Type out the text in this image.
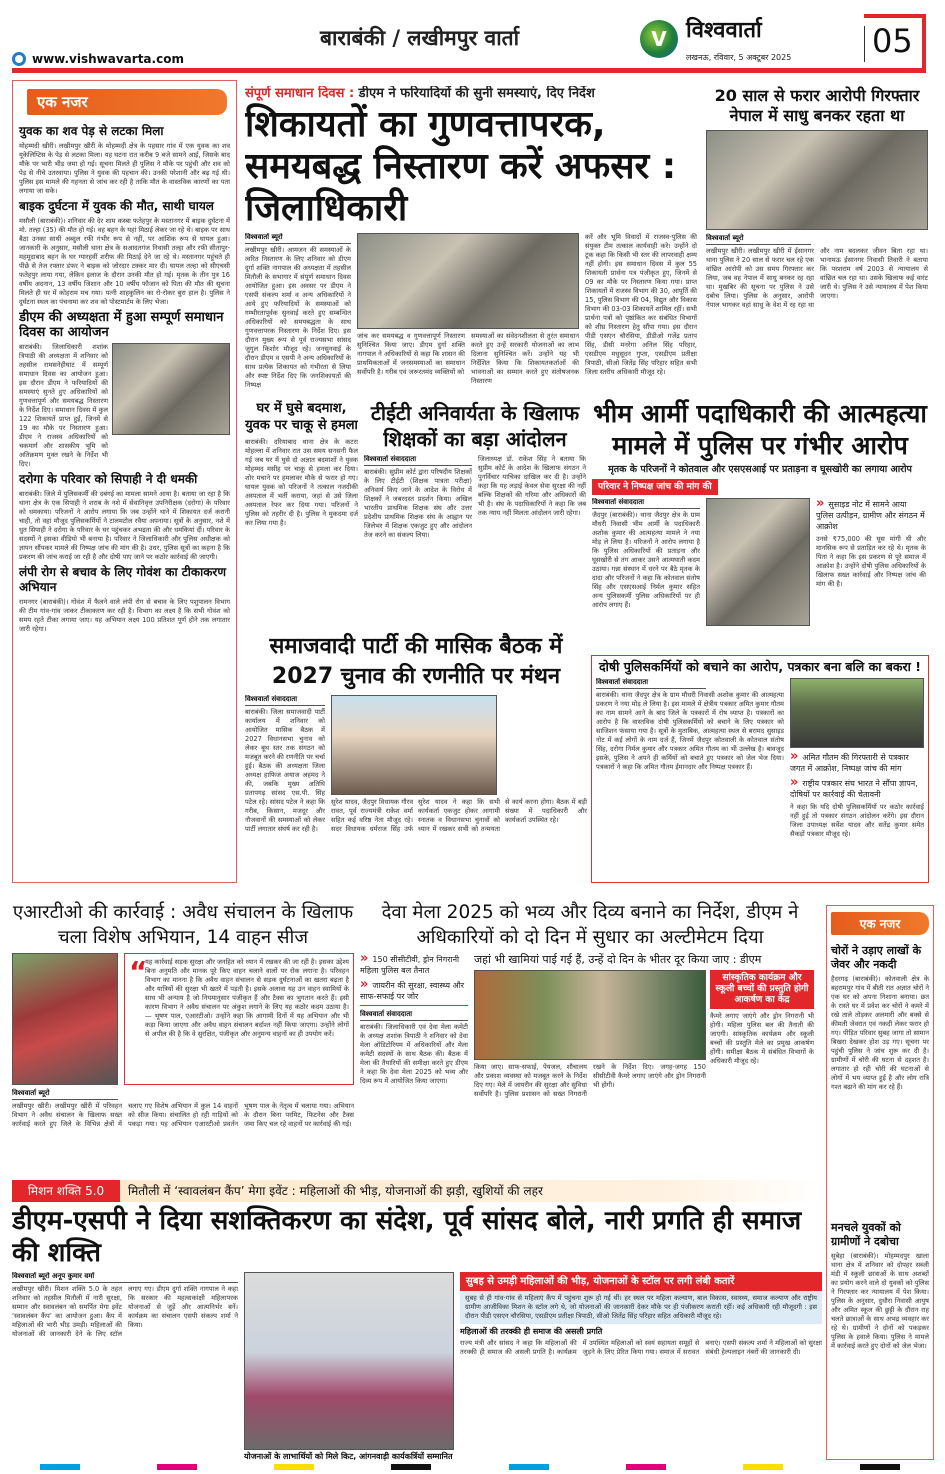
www.vishwavarta.com
बाराबंकी / लखीमपुर वार्ता	V विश्ववार्ता
लखनऊ, रविवार, 5 अक्टूबर 2025	05
एक नजर
युवक का शव पेड़ से लटका मिला
मोहम्मदी खीरी। लखीमपुर खीरी के मोहम्मदी क्षेत्र के पहसार गांव में एक युवक का शव यूकेलिप्टिस के पेड़ से लटका मिला। यह घटना रात करीब 9 बजे सामने आई, जिसके बाद मौके पर भारी भीड़ जमा हो गई। सूचना मिलते ही पुलिस ने मौके पर पहुंची और शव को पेड़ से नीचे उतरवाया। पुलिस ने युवक की पहचान की। उनकी परेशानी और बढ़ गई थी। पुलिस इस मामले की गहनता से जांच कर रही है ताकि मौत के वास्तविक कारणों का पता लगाया जा सके।
बाइक दुर्घटना में युवक की मौत, साथी घायल
मसौली (बाराबंकी)। शनिवार की देर शाम कस्बा फतेहपुर के मस्तानगर में बाइक दुर्घटना में मो. तल्हा (35) की मौत हो गई। वह बहन के यहां मिठाई लेकर जा रहे थे। बाइक पर साथ बैठा उनका साथी अब्दुल रफी गंभीर रूप से नहीं, पर आंशिक रूप से घायल हुआ। जानकारी के अनुसार, मसौली थाना क्षेत्र के सआदतगंज निवासी तल्हा और रफी सीतापुर-महमूदाबाद बहन के घर ग्यारहवीं शरीफ की मिठाई देने जा रहे थे। मस्तानगर पहुंचते ही पीछे से तेज रफ्तार डंफर ने बाइक को जोरदार टक्कर मार दी। घायल तल्हा को सीएचसी फतेहपुर लाया गया, लेकिन इलाज के दौरान उनकी मौत हो गई। मृतक के तीन पुत्र 16 वर्षीय अदनान, 13 वर्षीय जिशान और 10 वर्षीय फौजान को पिता की मौत की सूचना मिलते ही घर में कोहराम मच गया। पत्नी शाहकुलिन का रो-रोकर बुरा हाल है। पुलिस ने दुर्घटना स्थल का पंचनामा कर शव को पोस्टमार्टम के लिए भेजा।
डीएम की अध्यक्षता में हुआ सम्पूर्ण समाधान दिवस का आयोजन
बाराबंकी। जिलाधिकारी शशांक त्रिपाठी की अध्यक्षता में शनिवार को तहसील रामसनेहीघाट में सम्पूर्ण समाधान दिवस का आयोजन हुआ। इस दौरान डीएम ने फरियादियों की समस्याएं सुनते हुए अधिकारियों को गुणवत्तापूर्ण और समयबद्ध निस्तारण के निर्देश दिए। समाधान दिवस में कुल 122 शिकायतें प्राप्त हुईं, जिनमें से 19 का मौके पर निस्तारण हुआ। डीएम ने राजस्व अधिकारियों को चकमार्ग और शासकीय भूमि को अतिक्रमण मुक्त रखने के निर्देश भी दिए।
दरोगा के परिवार को सिपाही ने दी धमकी
बाराबंकी। जिले में पुलिसकर्मी की दबंगई का मामला सामने आया है। बताया जा रहा है कि थाना क्षेत्र के एक सिपाही ने शराब के नशे में सेवानिवृत्त उपनिरीक्षक (दरोगा) के परिवार को धमकाया। परिजनों ने आरोप लगाया कि जब उन्होंने थाने में शिकायत दर्ज करानी चाही, तो वहां मौजूद पुलिसकर्मियों ने टालमटोल रवैया अपनाया। सूत्रों के अनुसार, नशे में धुत सिपाही ने दरोगा के परिवार के घर पहुंचकर अभद्रता की और धमकियां दीं। परिवार के सदस्यों ने इसका वीडियो भी बनाया है। परिवार ने जिलाधिकारी और पुलिस अधीक्षक को ज्ञापन सौंपकर मामले की निष्पक्ष जांच की मांग की है। उधर, पुलिस सूत्रों का कहना है कि प्रकरण की जांच कराई जा रही है और दोषी पाए जाने पर कठोर कार्रवाई की जाएगी।
लंपी रोग से बचाव के लिए गोवंश का टीकाकरण अभियान
रामनगर (बाराबंकी)। गोवंश में फैलने वाले लंपी रोग से बचाव के लिए पशुपालन विभाग की टीम गांव-गांव जाकर टीकाकरण कर रही है। विभाग का लक्ष्य है कि सभी गोवंश को समय रहते टीका लगाया जाए। यह अभियान लक्ष्य 100 प्रतिशत पूर्ण होने तक लगातार जारी रहेगा।
संपूर्ण समाधान दिवस : डीएम ने फरियादियों की सुनी समस्याएं, दिए निर्देश
शिकायतों का गुणवत्तापरक, समयबद्ध निस्तारण करें अफसर : जिलाधिकारी
विश्ववार्ता ब्यूरो
लखीमपुर खीरी। आमजन की समस्याओं के त्वरित निस्तारण के लिए शनिवार को डीएम दुर्गा शक्ति नागपाल की अध्यक्षता में तहसील मितौली के सभागार में संपूर्ण समाधान दिवस आयोजित हुआ। इस अवसर पर डीएम ने एसपी संकल्प शर्मा व अन्य अधिकारियों ने आये हुए फरियादियों के समस्याओं को गम्भीरतापूर्वक सुनवाई करते हुए सम्बन्धित अधिकारियों को समयबद्धता के साथ गुणवत्तापरक निस्तारण के निर्देश दिए। इस दौरान मुख्य रूप से पूर्व राज्यसभा सांसद जुगुल किशोर मौजूद रहे। जनसुनवाई के दौरान डीएम व एसपी ने अन्य अधिकारियों के साथ प्रत्येक शिकायत को गंभीरता से लिया और स्पष्ट निर्देश दिए कि जनशिकायतों की निष्पक्ष
जांच कर समयबद्ध व गुणवत्तापूर्ण निस्तारण सुनिश्चित किया जाए। डीएम दुर्गा शक्ति नागपाल ने अधिकारियों से कहा कि शासन की प्राथमिकताओं में जनसमस्याओं का समाधान सर्वोपरि है। गरीब एवं जरूरतमंद व्यक्तियों को
समस्याओं का संवेदनशीलता से तुरंत समाधान करते हुए उन्हें सरकारी योजनाओं का लाभ दिलाना सुनिश्चित करें। उन्होंने यह भी निर्देशित किया कि शिकायतकर्ताओं की भावनाओं का सम्मान करते हुए संतोषजनक निस्तारण
करें और भूमि विवादों में राजस्व-पुलिस की संयुक्त टीम तत्काल कार्यवाही करे। उन्होंने दो टूक कहा कि किसी भी स्तर की लापरवाही क्षम्य नहीं होगी। इस समाधान दिवस में कुल 55 शिकायती प्रार्थना पत्र पंजीकृत हुए, जिनमें से 09 का मौके पर निस्तारण किया गया। प्राप्त शिकायतों में राजस्व विभाग की 30, आपूर्ति की 15, पुलिस विभाग की 04, विद्युत और विकास विभाग की 03-03 शिकायतें शामिल रहीं। सभी प्रार्थना पत्रों को पृष्ठांकित कर संबंधित विभागों को शीघ्र निस्तारण हेतु सौंपा गया। इस दौरान पीडी एसएन चौरसिया, डीडीओ गजेंद्र प्रताप सिंह, डीसी मनरेगा अनिल सिंह परिहार, एसडीएम मधुसूदन गुप्ता, एसडीएम प्रतीक्षा त्रिपाठी, सीओ जितेंद्र सिंह परिहार सहित सभी जिला स्तरीय अधिकारी मौजूद रहे।
20 साल से फरार आरोपी गिरफ्तार नेपाल में साधु बनकर रहता था
विश्ववार्ता ब्यूरो
लखीमपुर खीरी। लखीमपुर खीरी में ईसानगर थाना पुलिस ने 20 साल से फरार चल रहे एक वांछित आरोपी को उस समय गिरफ्तार कर लिया, जब वह नेपाल में साधु बनकर रह रहा था। मुखबिर की सूचना पर पुलिस ने उसे दबोच लिया। पुलिस के अनुसार, आरोपी नेपाल भागकर वहां साधु के वेश में रह रहा था और नाम बदलकर जीवन बिता रहा था। भानामऊ ईसानगर निवासी तिवारी ने बताया कि परशराम वर्ष 2003 से न्यायालय से वांछित चल रहा था। उसके खिलाफ कई वारंट जारी थे। पुलिस ने उसे न्यायालय में पेश किया जाएगा।
घर में घुसे बदमाश, युवक पर चाकू से हमला
बाराबंकी। दरियाबाद थाना क्षेत्र के कटरा मोहल्ला में शनिवार रात उस समय सनसनी फैल गई जब घर में घुसे दो अज्ञात बदमाशों ने युवक मोहम्मद मसीह पर चाकू से हमला कर दिया। शोर मचाने पर हमलावर मौके से फरार हो गए। घायल युवक को परिजनों ने तत्काल नजदीकी अस्पताल में भर्ती कराया, जहां से उसे जिला अस्पताल रेफर कर दिया गया। परिजनों ने पुलिस को तहरीर दी है। पुलिस ने मुकदमा दर्ज कर लिया गया है।
टीईटी अनिवार्यता के खिलाफ शिक्षकों का बड़ा आंदोलन
विश्ववार्ता संवाददाता
बाराबंकी। सुप्रीम कोर्ट द्वारा परिषदीय शिक्षकों के लिए टीईटी (शिक्षक पात्रता परीक्षा) अनिवार्य किए जाने के आदेश के विरोध में शिक्षकों ने जबरदस्त प्रदर्शन किया। अखिल भारतीय प्राथमिक शिक्षक संघ और उत्तर प्रदेशीय प्राथमिक शिक्षक संघ के आह्वान पर जिलेभर में शिक्षक एकजुट हुए और आंदोलन तेज करने का संकल्प लिया।
जिलाध्यक्ष डॉ. राकेश सिंह ने बताया कि सुप्रीम कोर्ट के आदेश के खिलाफ संगठन ने पुनर्विचार याचिका दाखिल कर दी है। उन्होंने कहा कि यह लड़ाई केवल सेवा सुरक्षा की नहीं बल्कि शिक्षकों की गरिमा और अधिकारों की भी है। संघ के पदाधिकारियों ने कहा कि जब तक न्याय नहीं मिलता आंदोलन जारी रहेगा।
भीम आर्मी पदाधिकारी की आत्महत्या मामले में पुलिस पर गंभीर आरोप
मृतक के परिजनों ने कोतवाल और एसएसआई पर प्रताड़ना व घूसखोरी का लगाया आरोप
परिवार ने निष्पक्ष जांच की मांग की
विश्ववार्ता संवाददाता
जैदपुर (बाराबंकी)। थाना जैदपुर क्षेत्र के ग्राम मौधरी निवासी भीम आर्मी के पदाधिकारी अशोक कुमार की आत्महत्या मामले ने नया मोड़ ले लिया है। परिजनों ने आरोप लगाया है कि पुलिस अधिकारियों की प्रताड़ना और घूसखोरी से तंग आकर उसने आत्मघाती कदम उठाया। गन्ना संस्थान में धरने पर बैठे मृतक के दादा और परिजनों ने कहा कि कोतवाल संतोष सिंह और एसएसआई निर्मल कुमार सहित अन्य पुलिसकर्मी पुलिस अधिकारियों पर ही आरोप लगाए हैं।
» सुसाइड नोट में सामने आया पुलिस उत्पीड़न, ग्रामीण और संगठन में आक्रोश
उनसे ₹75,000 की घूस मांगी थी और मानसिक रूप से प्रताड़ित कर रहे थे। मृतक के पिता ने कहा कि इस प्रकरण से पूरे समाज में आक्रोश है। उन्होंने दोषी पुलिस अधिकारियों के खिलाफ सख्त कार्रवाई और निष्पक्ष जांच की मांग की है।
समाजवादी पार्टी की मासिक बैठक में 2027 चुनाव की रणनीति पर मंथन
विश्ववार्ता संवाददाता
बाराबंकी। जिला समाजवादी पार्टी कार्यालय में शनिवार को आयोजित मासिक बैठक में 2027 विधानसभा चुनाव को लेकर बूथ स्तर तक संगठन को मजबूत करने की रणनीति पर चर्चा हुई। बैठक की अध्यक्षता जिला अध्यक्ष हाफिज अयाज अहमद ने की, जबकि मुख्य अतिथि प्रतापगढ़ सांसद एस.पी. सिंह पटेल रहे। सांसद पटेल ने कहा कि गरीब, किसान, मजदूर और नौजवानों की समस्याओं को लेकर पार्टी लगातार संघर्ष कर रही है।
सुरेश यादव, जैदपुर विधायक गौरव रावत, पूर्व राज्यमंत्री राकेश वर्मा सहित कई वरिष्ठ नेता मौजूद रहे। सदर विधायक धर्मराज सिंह उर्फ सुरेश यादव ने कहा कि सभी कार्यकर्ता एकजुट होकर आगामी स्नातक व विधानसभा चुनावों को ध्यान में रखकर सभी को तन्मयता से कार्य करना होगा। बैठक में बड़ी संख्या में पदाधिकारी और कार्यकर्ता उपस्थित रहे।
दोषी पुलिसकर्मियों को बचाने का आरोप, पत्रकार बना बलि का बकरा !
विश्ववार्ता संवाददाता
बाराबंकी। थाना जैदपुर क्षेत्र के ग्राम मौधरी निवासी अशोक कुमार की आत्महत्या प्रकरण ने नया मोड़ ले लिया है। इस मामले में क्षेत्रीय पत्रकार अमित कुमार गौतम का नाम सामने आने के बाद जिले के पत्रकारों में रोष व्याप्त है। पत्रकारों का आरोप है कि वास्तविक दोषी पुलिसकर्मियों को बचाने के लिए पत्रकार को साजिशन फंसाया गया है। सूत्रों के मुताबिक, आत्महत्या स्थल से बरामद सुसाइड नोट में कई लोगों के नाम दर्ज हैं, जिनमें जैदपुर कोतवाली के कोतवाल संतोष सिंह, दरोगा निर्मल कुमार और पत्रकार अमित गौतम का भी उल्लेख है। बावजूद इसके, पुलिस ने अपने ही कर्मियों को बचाते हुए पत्रकार को जेल भेज दिया। पत्रकारों ने कहा कि अमित गौतम ईमानदार और निष्पक्ष पत्रकार हैं।
» अमित गौतम की गिरफ्तारी से पत्रकार जगत में आक्रोश, निष्पक्ष जांच की मांग
» राष्ट्रीय पत्रकार संघ भारत ने सौंपा ज्ञापन, दोषियों पर कार्रवाई की चेतावनी
ने कहा कि यदि दोषी पुलिसकर्मियों पर कठोर कार्रवाई नहीं हुई तो पत्रकार संगठन आंदोलन करेंगे। इस दौरान जिला उपाध्यक्ष सर्वेश यादव और सतेंद्र कुमार समेत सैकड़ों पत्रकार मौजूद रहे।
एआरटीओ की कार्रवाई : अवैध संचालन के खिलाफ चला विशेष अभियान, 14 वाहन सीज
“
यह कार्रवाई सड़क सुरक्षा और जनहित को ध्यान में रखकर की जा रही है। इसका उद्देश्य बिना अनुमति और मानक पूरे किए वाहन चलाने वालों पर रोक लगाना है। परिवहन विभाग का मानना है कि अवैध वाहन संचालन से सड़क दुर्घटनाओं का खतरा बढ़ता है और यात्रियों की सुरक्षा भी खतरे में पड़ती है। इसके अलावा यह उन वाहन स्वामियों के साथ भी अन्याय है जो नियमानुसार पंजीकृत हैं और टैक्स का भुगतान करते हैं। इसी कारण विभाग ने अवैध संचालन पर अंकुश लगाने के लिए यह कठोर कदम उठाया है। — भूषण पाल, एआरटीओ। उन्होंने कहा कि आगामी दिनों में यह अभियान और भी कड़ा किया जाएगा और अवैध वाहन संचालन बर्दाश्त नहीं किया जाएगा। उन्होंने लोगों से अपील की है कि वे सुरक्षित, पंजीकृत और अनुमन्य वाहनों का ही उपयोग करें।
विश्ववार्ता ब्यूरो
लखीमपुर खीरी। लखीमपुर खीरी में परिवहन विभाग ने अवैध संचालन के खिलाफ सख्त कार्रवाई करते हुए जिले के विभिन्न क्षेत्रों में चलाए गए विशेष अभियान में कुल 14 वाहनों को सीज किया। संचालित हो रही गाड़ियों को पकड़ा गया। यह अभियान एआरटीओ प्रवर्तन भूषण पाल के नेतृत्व में चलाया गया। अभियान के दौरान बिना परमिट, फिटनेस और टैक्स जमा किए चल रहे वाहनों पर कार्रवाई की गई।
देवा मेला 2025 को भव्य और दिव्य बनाने का निर्देश, डीएम ने अधिकारियों को दो दिन में सुधार का अल्टीमेटम दिया
» 150 सीसीटीवी, ड्रोन निगरानी महिला पुलिस बल तैनात
» जायरीन की सुरक्षा, स्वास्थ्य और साफ-सफाई पर जोर
विश्ववार्ता संवाददाता
बाराबंकी। जिलाधिकारी एवं देवा मेला कमेटी के अध्यक्ष शशांक त्रिपाठी ने शनिवार को देवा मेला ऑडिटोरियम में अधिकारियों और मेला कमेटी सदस्यों के साथ बैठक की। बैठक में मेला की तैयारियों की समीक्षा करते हुए डीएम ने कहा कि देवा मेला 2025 को भव्य और दिव्य रूप में आयोजित किया जाएगा।
जहां भी खामियां पाई गई हैं, उन्हें दो दिन के भीतर दूर किया जाए : डीएम
किया जाए। साफ-सफाई, पेयजल, शौचालय और प्रकाश व्यवस्था को मजबूत करने के निर्देश दिए गए। मेले में जायरीन की सुरक्षा और सुविधा सर्वोपरि है। पुलिस प्रशासन को सख्त निगरानी रखने के निर्देश दिए। जगह-जगह 150 सीसीटीवी कैमरे लगाए जाएंगे और ड्रोन निगरानी भी होगी।
सांस्कृतिक कार्यक्रम और स्कूली बच्चों की प्रस्तुति होगी आकर्षण का केंद्र
कैमरे लगाए जाएंगे और ड्रोन निगरानी भी होगी। महिला पुलिस बल की तैनाती की जाएगी। सांस्कृतिक कार्यक्रम और स्कूली बच्चों की प्रस्तुति मेले का प्रमुख आकर्षण होंगी। समीक्षा बैठक में संबंधित विभागों के अधिकारी मौजूद रहे।
एक नजर
चोरों ने उड़ाए लाखों के जेवर और नकदी
हैदरगढ़ (बाराबंकी)। कोतवाली क्षेत्र के बहरामपुर गांव में बीती रात अज्ञात चोरों ने एक घर को अपना निशाना बनाया। छत के रास्ते घर में प्रवेश कर चोरों ने कमरे में रखे ताले तोड़कर अलमारी और बक्से से कीमती जेवरात एवं नकदी लेकर फरार हो गए। पीड़ित परिवार सुबह जागा तो सामान बिखरा देखकर होश उड़ गए। सूचना पर पहुंची पुलिस ने जांच शुरू कर दी है। ग्रामीणों में चोरी की घटना से दहशत है। लगातार हो रही चोरी की घटनाओं से लोगों में भय व्याप्त हुई है और लोग रात्रि गश्त बढ़ाने की मांग कर रहे हैं।
मनचले युवकों को ग्रामीणों ने दबोचा
सुबेहा (बाराबंकी)। मोहम्मदपुर खाला थाना क्षेत्र में शनिवार को दोपहर सब्जी मंडी में स्कूली छात्राओं के साथ अशब्दों का प्रयोग करने वाले दो युवकों को पुलिस ने गिरफ्तार कर न्यायालय में पेश किया। पुलिस के अनुसार, दुधौरा निवासी आयुष और अमित स्कूल की छुट्टी के दौरान राह चलते छात्राओं के साथ अभद्र व्यवहार कर रहे थे। ग्रामीणों ने दोनों को पकड़कर पुलिस के हवाले किया। पुलिस ने मामले में कार्रवाई करते हुए दोनों को जेल भेजा।
मिशन शक्ति 5.0	मितौली में ‘स्वावलंबन कैंप’ मेगा इवेंट : महिलाओं की भीड़, योजनाओं की झड़ी, खुशियों की लहर
डीएम-एसपी ने दिया सशक्तिकरण का संदेश, पूर्व सांसद बोले, नारी प्रगति ही समाज की शक्ति
विश्ववार्ता ब्यूरो अनूप कुमार वर्मा
लखीमपुर खीरी। मिशन शक्ति 5.0 के तहत शनिवार को तहसील मितौली में नारी सुरक्षा, सम्मान और स्वावलंबन को समर्पित मेगा इवेंट ‘स्वावलंबन कैंप’ का आयोजन हुआ। कैंप में महिलाओं की भारी भीड़ उमड़ी। महिलाओं की योजनाओं की जानकारी देने के लिए स्टॉल लगाए गए। डीएम दुर्गा शक्ति नागपाल ने कहा कि सरकार की महत्वाकांक्षी महिलापरक योजनाओं से जुड़ें और आत्मनिर्भर बनें। कार्यक्रम का संचालन एसपी संकल्प शर्मा ने किया।
योजनाओं के लाभार्थियों को मिले किट, आंगनवाड़ी कार्यकर्त्रियों सम्मानित
सुबह से उमड़ी महिलाओं की भीड़, योजनाओं के स्टॉल पर लगी लंबी कतारें
सुबह से ही गांव-गांव से महिलाएं कैंप में पहुंचना शुरू हो गई थीं। हर स्थल पर महिला कल्याण, बाल विकास, स्वास्थ्य, समाज कल्याण और राष्ट्रीय ग्रामीण आजीविका मिशन के स्टॉल लगे थे, जो योजनाओं की जानकारी देकर मौके पर ही पंजीकरण कराती रहीं। कई अधिकारी रही मौजूदगी : इस दौरान पीडी एसएन चौरसिया, एसडीएम प्रतीक्षा त्रिपाठी, सीओ जितेंद्र सिंह परिहार सहित अधिकारी मौजूद रहे।
महिलाओं की तरक्की ही समाज की असली प्रगति
राज्य मंत्री और सांसद ने कहा कि महिलाओं की तरक्की ही समाज की असली प्रगति है। कार्यक्रम में उपस्थित महिलाओं को स्वयं सहायता समूहों से जुड़ने के लिए प्रेरित किया गया। समाज में सरावत बनाएं। एसपी संकल्प शर्मा ने महिलाओं को सुरक्षा संबंधी हेल्पलाइन नंबरों की जानकारी दी।
